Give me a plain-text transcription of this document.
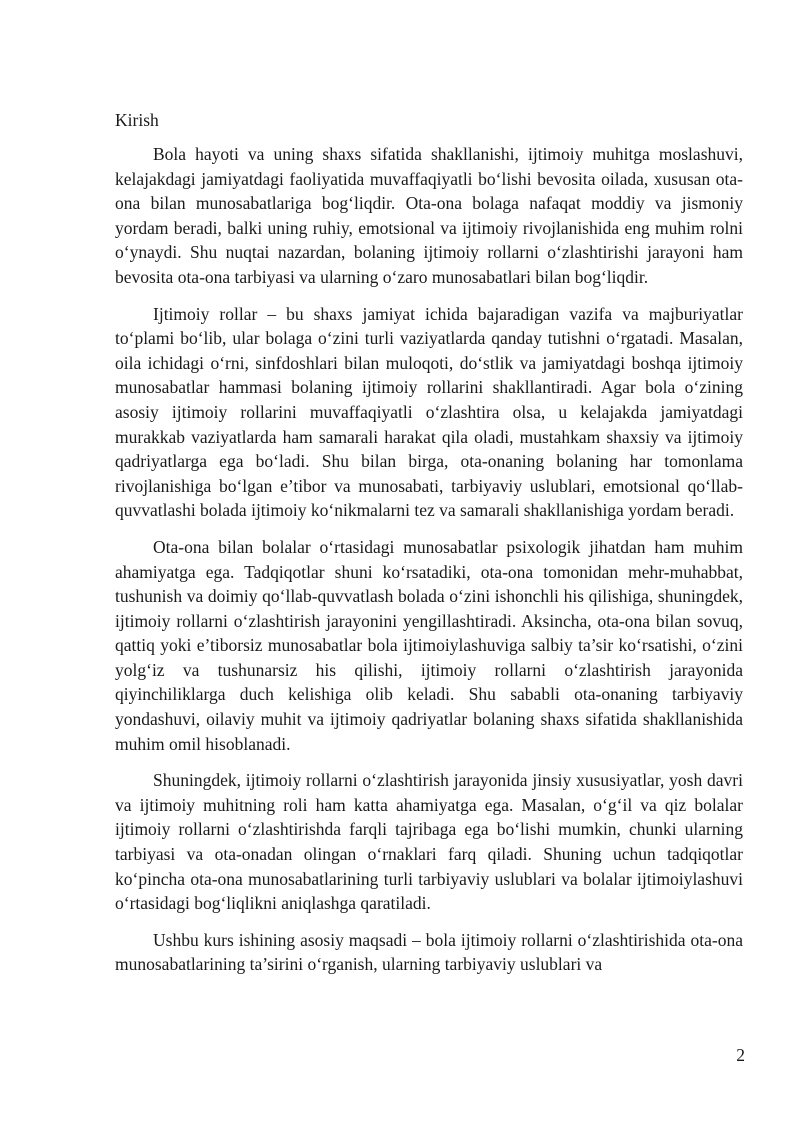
Kirish

Bola hayoti va uning shaxs sifatida shakllanishi, ijtimoiy muhitga moslashuvi, kelajakdagi jamiyatdagi faoliyatida muvaffaqiyatli bo‘lishi bevosita oilada, xususan ota-ona bilan munosabatlariga bog‘liqdir. Ota-ona bolaga nafaqat moddiy va jismoniy yordam beradi, balki uning ruhiy, emotsional va ijtimoiy rivojlanishida eng muhim rolni o‘ynaydi. Shu nuqtai nazardan, bolaning ijtimoiy rollarni o‘zlashtirishi jarayoni ham bevosita ota-ona tarbiyasi va ularning o‘zaro munosabatlari bilan bog‘liqdir.

Ijtimoiy rollar – bu shaxs jamiyat ichida bajaradigan vazifa va majburiyatlar to‘plami bo‘lib, ular bolaga o‘zini turli vaziyatlarda qanday tutishni o‘rgatadi. Masalan, oila ichidagi o‘rni, sinfdoshlari bilan muloqoti, do‘stlik va jamiyatdagi boshqa ijtimoiy munosabatlar hammasi bolaning ijtimoiy rollarini shakllantiradi. Agar bola o‘zining asosiy ijtimoiy rollarini muvaffaqiyatli o‘zlashtira olsa, u kelajakda jamiyatdagi murakkab vaziyatlarda ham samarali harakat qila oladi, mustahkam shaxsiy va ijtimoiy qadriyatlarga ega bo‘ladi. Shu bilan birga, ota-onaning bolaning har tomonlama rivojlanishiga bo‘lgan e’tibor va munosabati, tarbiyaviy uslublari, emotsional qo‘llab-quvvatlashi bolada ijtimoiy ko‘nikmalarni tez va samarali shakllanishiga yordam beradi.

Ota-ona bilan bolalar o‘rtasidagi munosabatlar psixologik jihatdan ham muhim ahamiyatga ega. Tadqiqotlar shuni ko‘rsatadiki, ota-ona tomonidan mehr-muhabbat, tushunish va doimiy qo‘llab-quvvatlash bolada o‘zini ishonchli his qilishiga, shuningdek, ijtimoiy rollarni o‘zlashtirish jarayonini yengillashtiradi. Aksincha, ota-ona bilan sovuq, qattiq yoki e’tiborsiz munosabatlar bola ijtimoiylashuviga salbiy ta’sir ko‘rsatishi, o‘zini yolg‘iz va tushunarsiz his qilishi, ijtimoiy rollarni o‘zlashtirish jarayonida qiyinchiliklarga duch kelishiga olib keladi. Shu sababli ota-onaning tarbiyaviy yondashuvi, oilaviy muhit va ijtimoiy qadriyatlar bolaning shaxs sifatida shakllanishida muhim omil hisoblanadi.

Shuningdek, ijtimoiy rollarni o‘zlashtirish jarayonida jinsiy xususiyatlar, yosh davri va ijtimoiy muhitning roli ham katta ahamiyatga ega. Masalan, o‘g‘il va qiz bolalar ijtimoiy rollarni o‘zlashtirishda farqli tajribaga ega bo‘lishi mumkin, chunki ularning tarbiyasi va ota-onadan olingan o‘rnaklari farq qiladi. Shuning uchun tadqiqotlar ko‘pincha ota-ona munosabatlarining turli tarbiyaviy uslublari va bolalar ijtimoiylashuvi o‘rtasidagi bog‘liqlikni aniqlashga qaratiladi.

Ushbu kurs ishining asosiy maqsadi – bola ijtimoiy rollarni o‘zlashtirishida ota-ona munosabatlarining ta’sirini o‘rganish, ularning tarbiyaviy uslublari va

2
